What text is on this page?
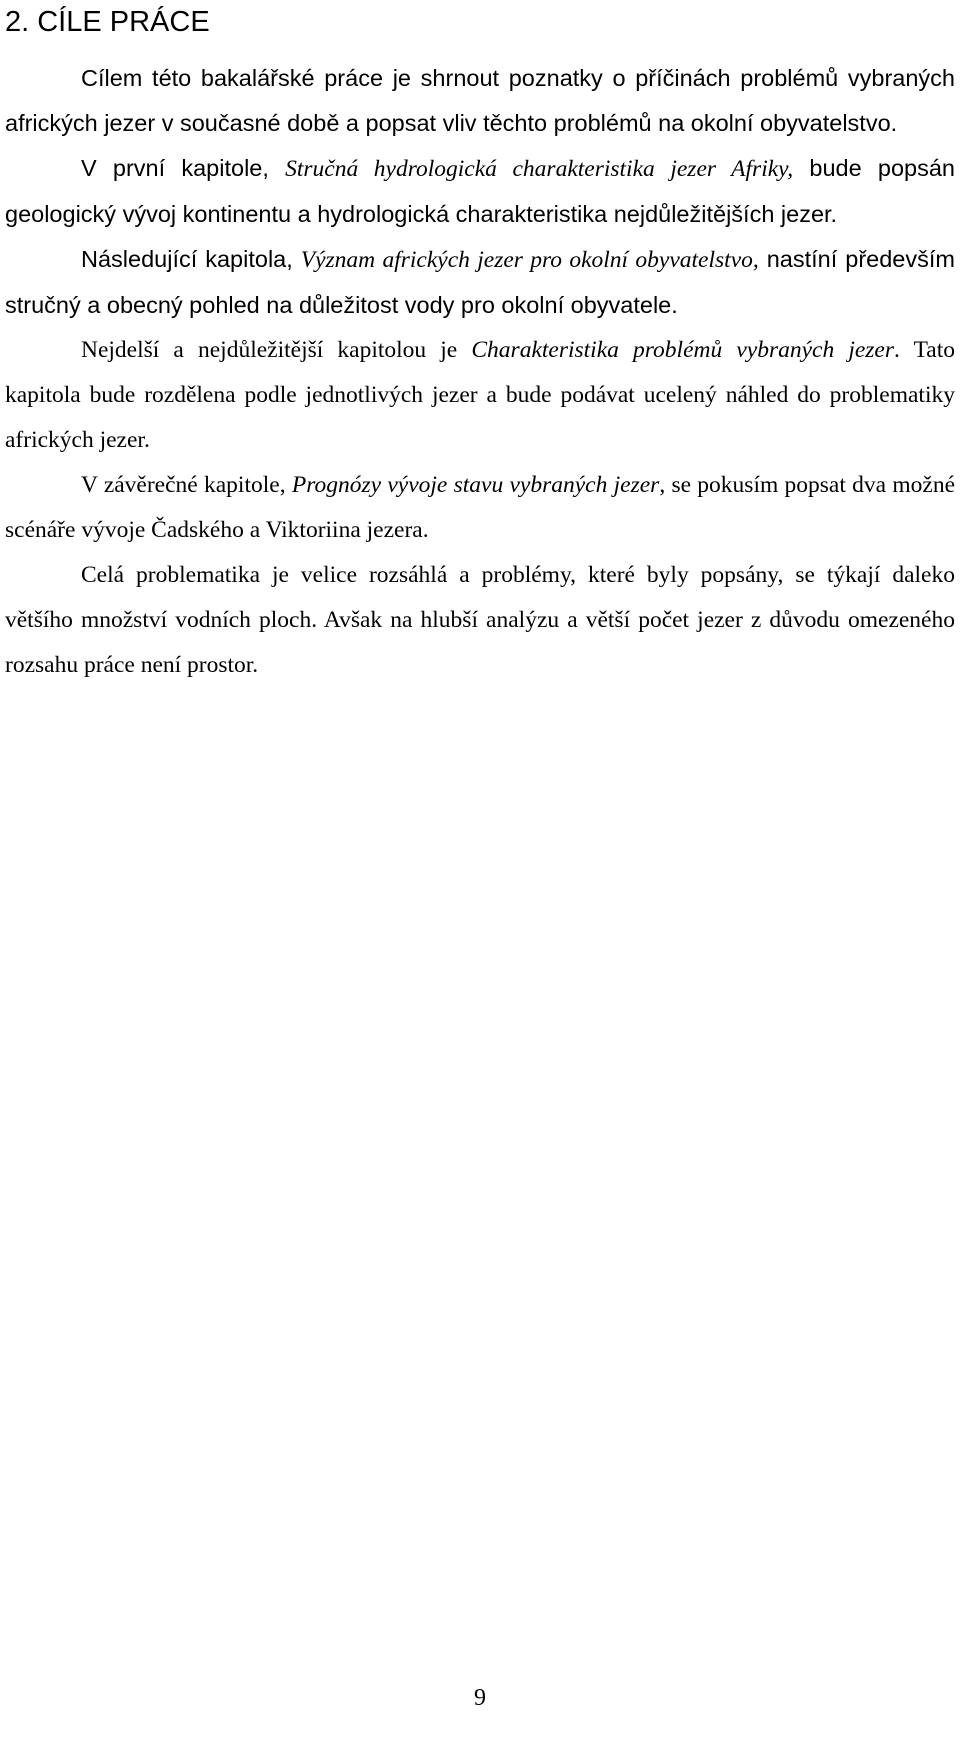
2. CÍLE PRÁCE

Cílem této bakalářské práce je shrnout poznatky o příčinách problémů vybraných afrických jezer v současné době a popsat vliv těchto problémů na okolní obyvatelstvo.

V první kapitole, Stručná hydrologická charakteristika jezer Afriky, bude popsán geologický vývoj kontinentu a hydrologická charakteristika nejdůležitějších jezer.

Následující kapitola, Význam afrických jezer pro okolní obyvatelstvo, nastíní především stručný a obecný pohled na důležitost vody pro okolní obyvatele.

Nejdelší a nejdůležitější kapitolou je Charakteristika problémů vybraných jezer. Tato kapitola bude rozdělena podle jednotlivých jezer a bude podávat ucelený náhled do problematiky afrických jezer.

V závěrečné kapitole, Prognózy vývoje stavu vybraných jezer, se pokusím popsat dva možné scénáře vývoje Čadského a Viktoriina jezera.

Celá problematika je velice rozsáhlá a problémy, které byly popsány, se týkají daleko většího množství vodních ploch. Avšak na hlubší analýzu a větší počet jezer z důvodu omezeného rozsahu práce není prostor.

9
